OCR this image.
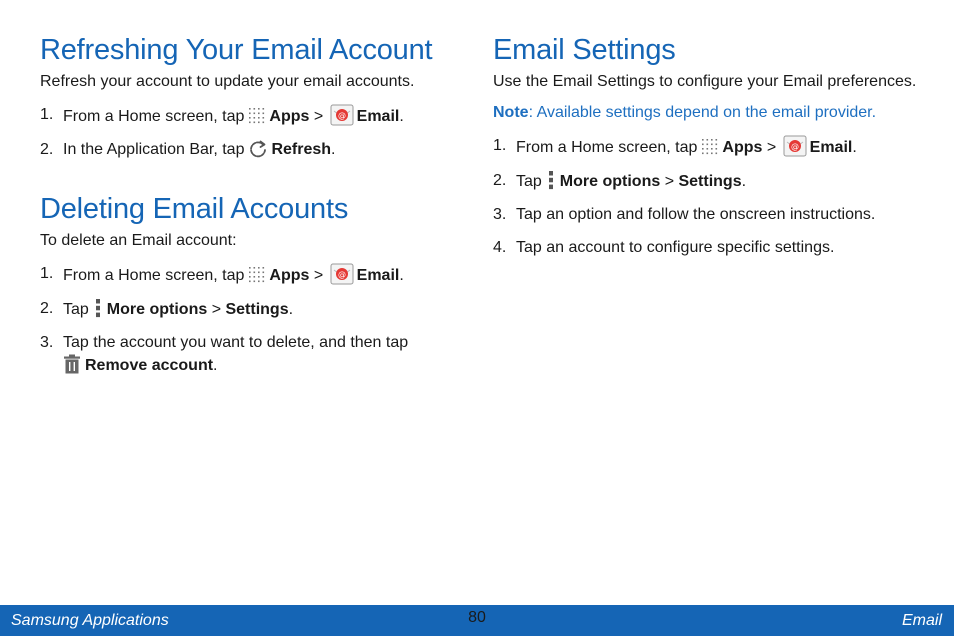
Refreshing Your Email Account

Refresh your account to update your email accounts.

1. From a Home screen, tap Apps > @ Email.
2. In the Application Bar, tap Refresh.
Deleting Email Accounts

To delete an Email account:

1. From a Home screen, tap Apps > @ Email.
2. Tap More options > Settings.
3. Tap the account you want to delete, and then tap
Remove account.
Email Settings

Use the Email Settings to configure your Email preferences.

Note: Available settings depend on the email provider.

1. From a Home screen, tap Apps > @ Email.
2. Tap More options > Settings.
3. Tap an option and follow the onscreen instructions.
4. Tap an account to configure specific settings.
Samsung Applications	Email
80
